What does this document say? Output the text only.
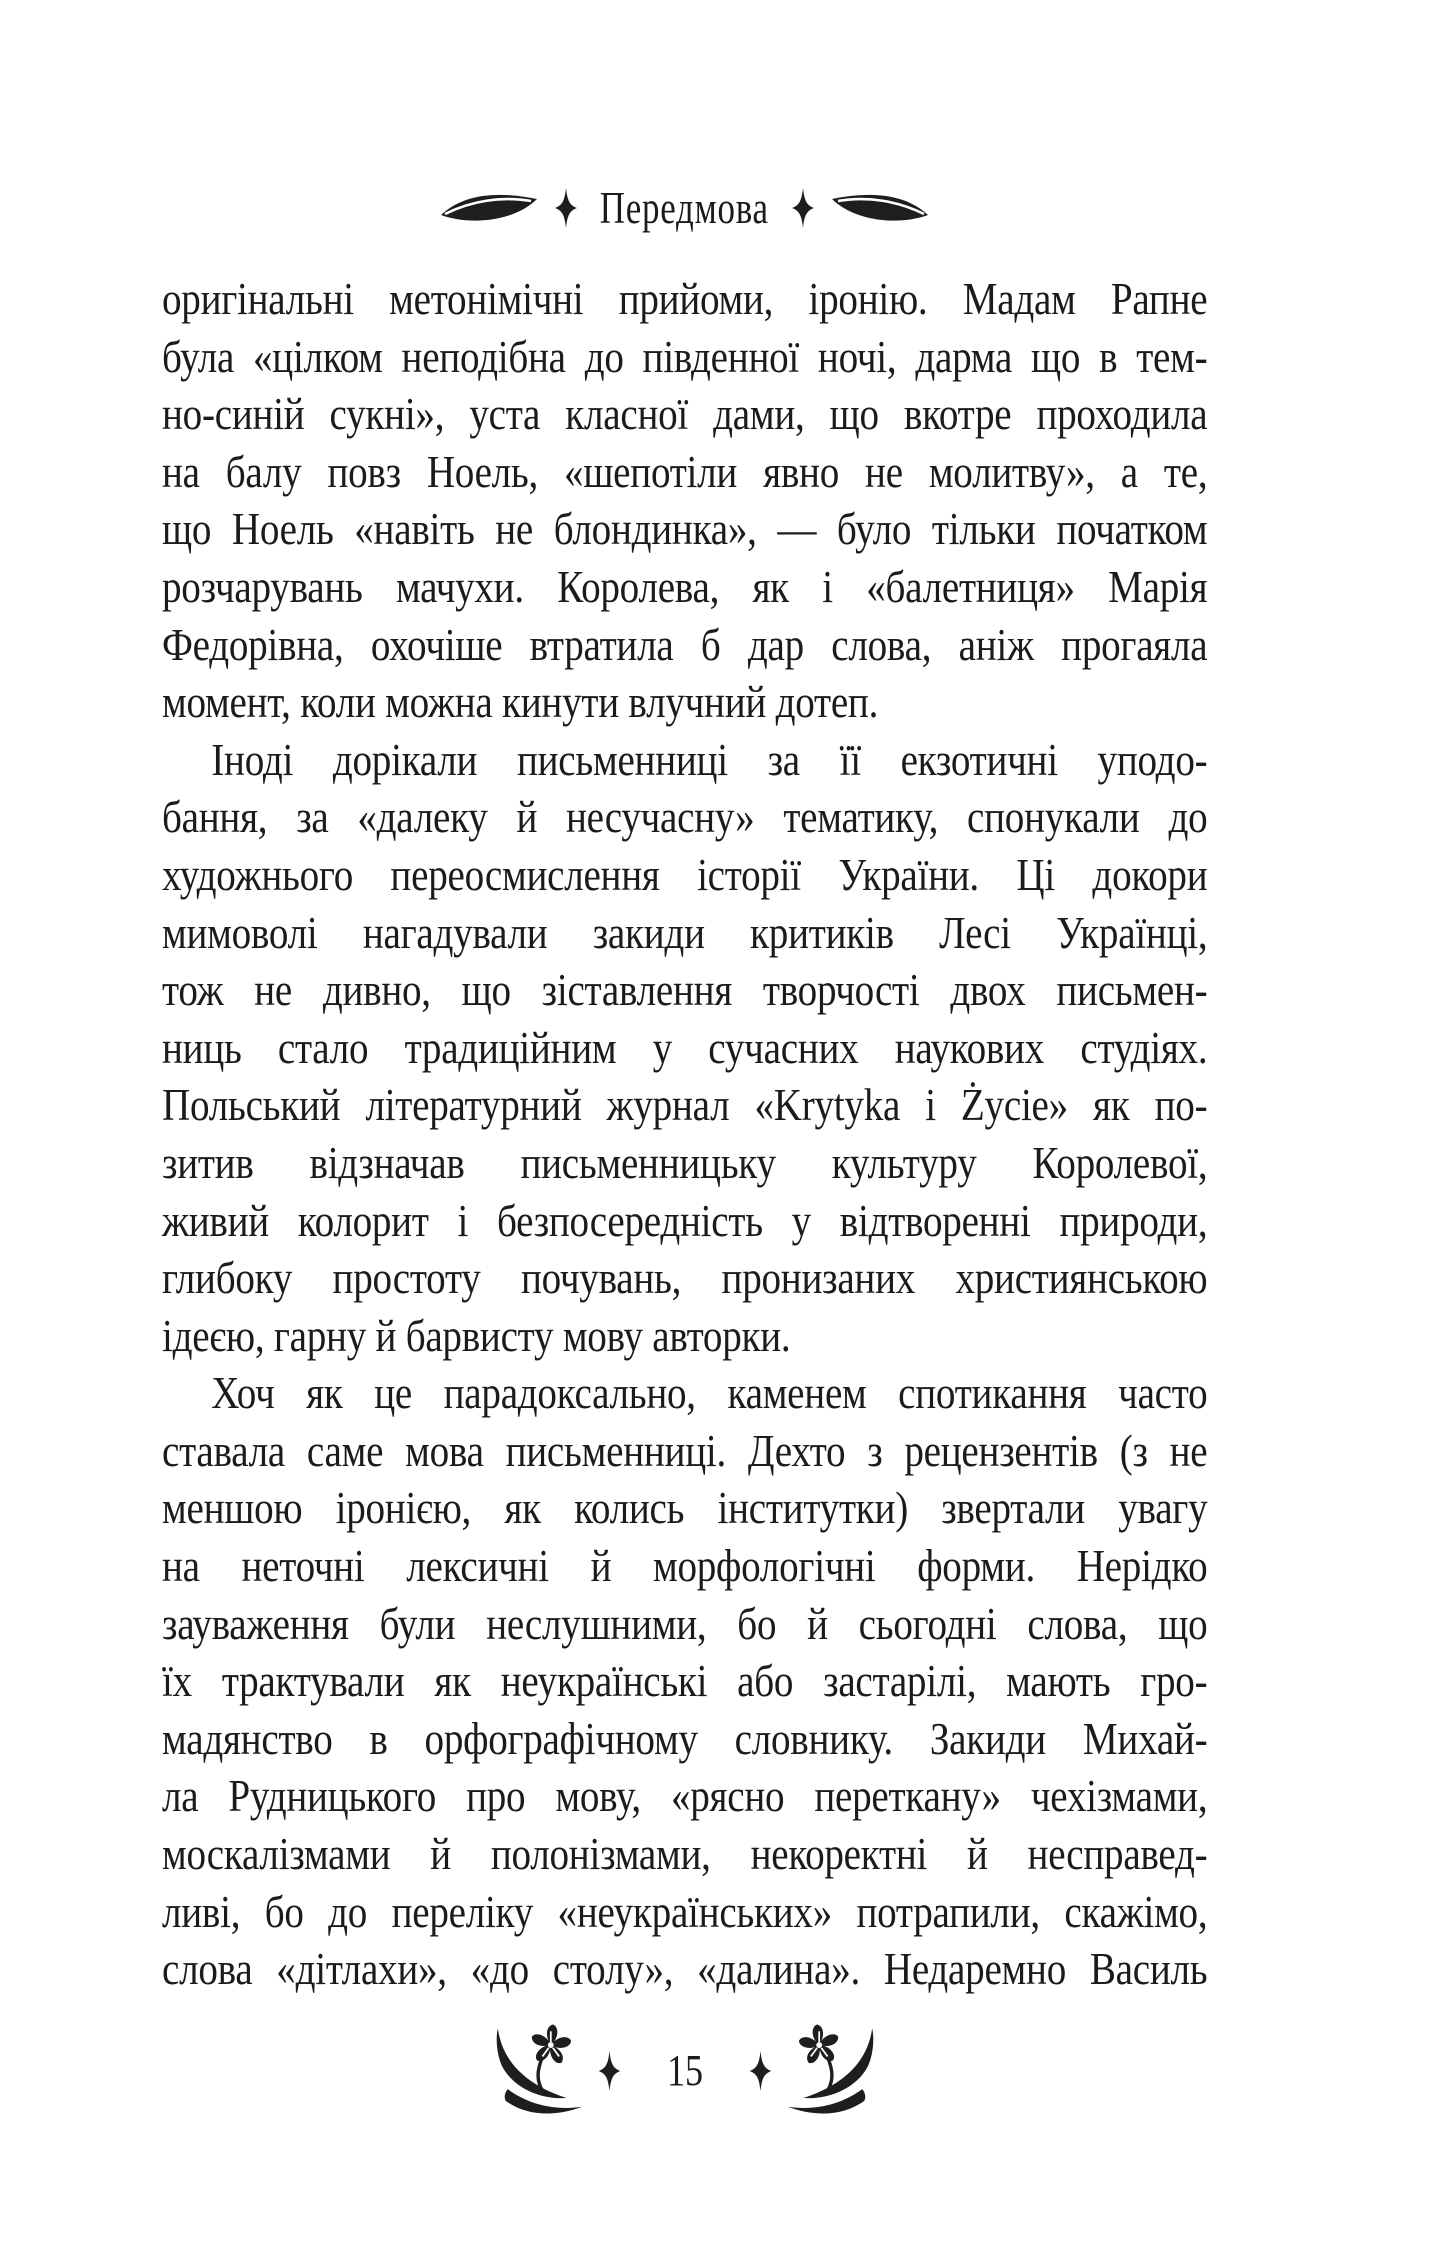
Передмова
оригінальні метонімічні прийоми, іронію. Мадам Рапне
була «цілком неподібна до південної ночі, дарма що в тем-
но-синій сукні», уста класної дами, що вкотре проходила
на балу повз Ноель, «шепотіли явно не молитву», а те,
що Ноель «навіть не блондинка», — було тільки початком
розчарувань мачухи. Королева, як і «балетниця» Марія
Федорівна, охочіше втратила б дар слова, аніж прогаяла
момент, коли можна кинути влучний дотеп.
Іноді дорікали письменниці за її екзотичні уподо-
бання, за «далеку й несучасну» тематику, спонукали до
художнього переосмислення історії України. Ці докори
мимоволі нагадували закиди критиків Лесі Українці,
тож не дивно, що зіставлення творчості двох письмен-
ниць стало традиційним у сучасних наукових студіях.
Польський літературний журнал «Krytyka i Życie» як по-
зитив відзначав письменницьку культуру Королевої,
живий колорит і безпосередність у відтворенні природи,
глибоку простоту почувань, пронизаних християнською
ідеєю, гарну й барвисту мову авторки.
Хоч як це парадоксально, каменем спотикання часто
ставала саме мова письменниці. Дехто з рецензентів (з не
меншою іронією, як колись інститутки) звертали увагу
на неточні лексичні й морфологічні форми. Нерідко
зауваження були неслушними, бо й сьогодні слова, що
їх трактували як неукраїнські або застарілі, мають гро-
мадянство в орфографічному словнику. Закиди Михай-
ла Рудницького про мову, «рясно переткану» чехізмами,
москалізмами й полонізмами, некоректні й несправед-
ливі, бо до переліку «неукраїнських» потрапили, скажімо,
слова «дітлахи», «до столу», «далина». Недаремно Василь
15
